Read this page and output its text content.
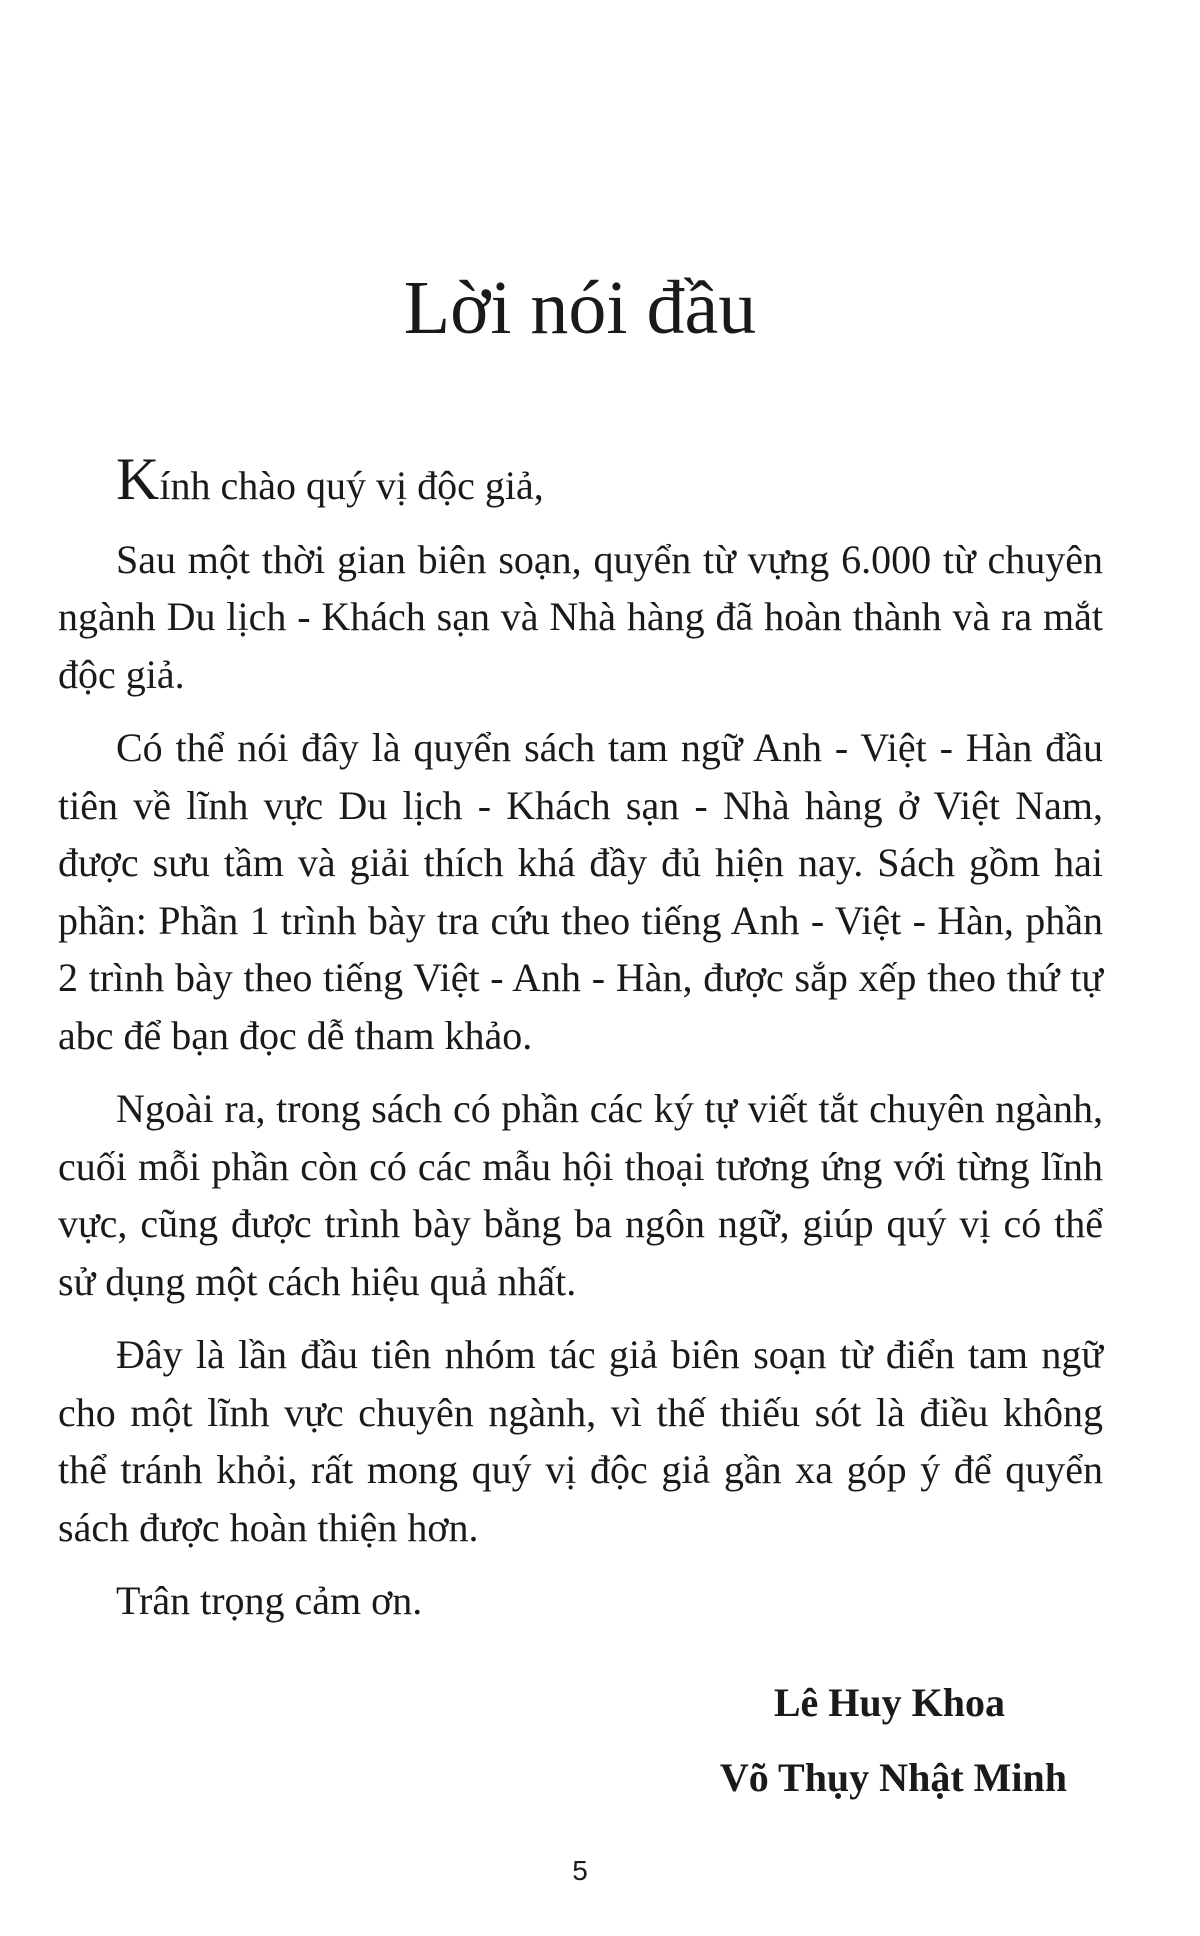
Lời nói đầu

Kính chào quý vị độc giả,

Sau một thời gian biên soạn, quyển từ vựng 6.000 từ chuyên ngành Du lịch - Khách sạn và Nhà hàng đã hoàn thành và ra mắt độc giả.

Có thể nói đây là quyển sách tam ngữ Anh - Việt - Hàn đầu tiên về lĩnh vực Du lịch - Khách sạn - Nhà hàng ở Việt Nam, được sưu tầm và giải thích khá đầy đủ hiện nay. Sách gồm hai phần: Phần 1 trình bày tra cứu theo tiếng Anh - Việt - Hàn, phần 2 trình bày theo tiếng Việt - Anh - Hàn, được sắp xếp theo thứ tự abc để bạn đọc dễ tham khảo.

Ngoài ra, trong sách có phần các ký tự viết tắt chuyên ngành, cuối mỗi phần còn có các mẫu hội thoại tương ứng với từng lĩnh vực, cũng được trình bày bằng ba ngôn ngữ, giúp quý vị có thể sử dụng một cách hiệu quả nhất.

Đây là lần đầu tiên nhóm tác giả biên soạn từ điển tam ngữ cho một lĩnh vực chuyên ngành, vì thế thiếu sót là điều không thể tránh khỏi, rất mong quý vị độc giả gần xa góp ý để quyển sách được hoàn thiện hơn.

Trân trọng cảm ơn.

Lê Huy Khoa
Võ Thụy Nhật Minh
5
